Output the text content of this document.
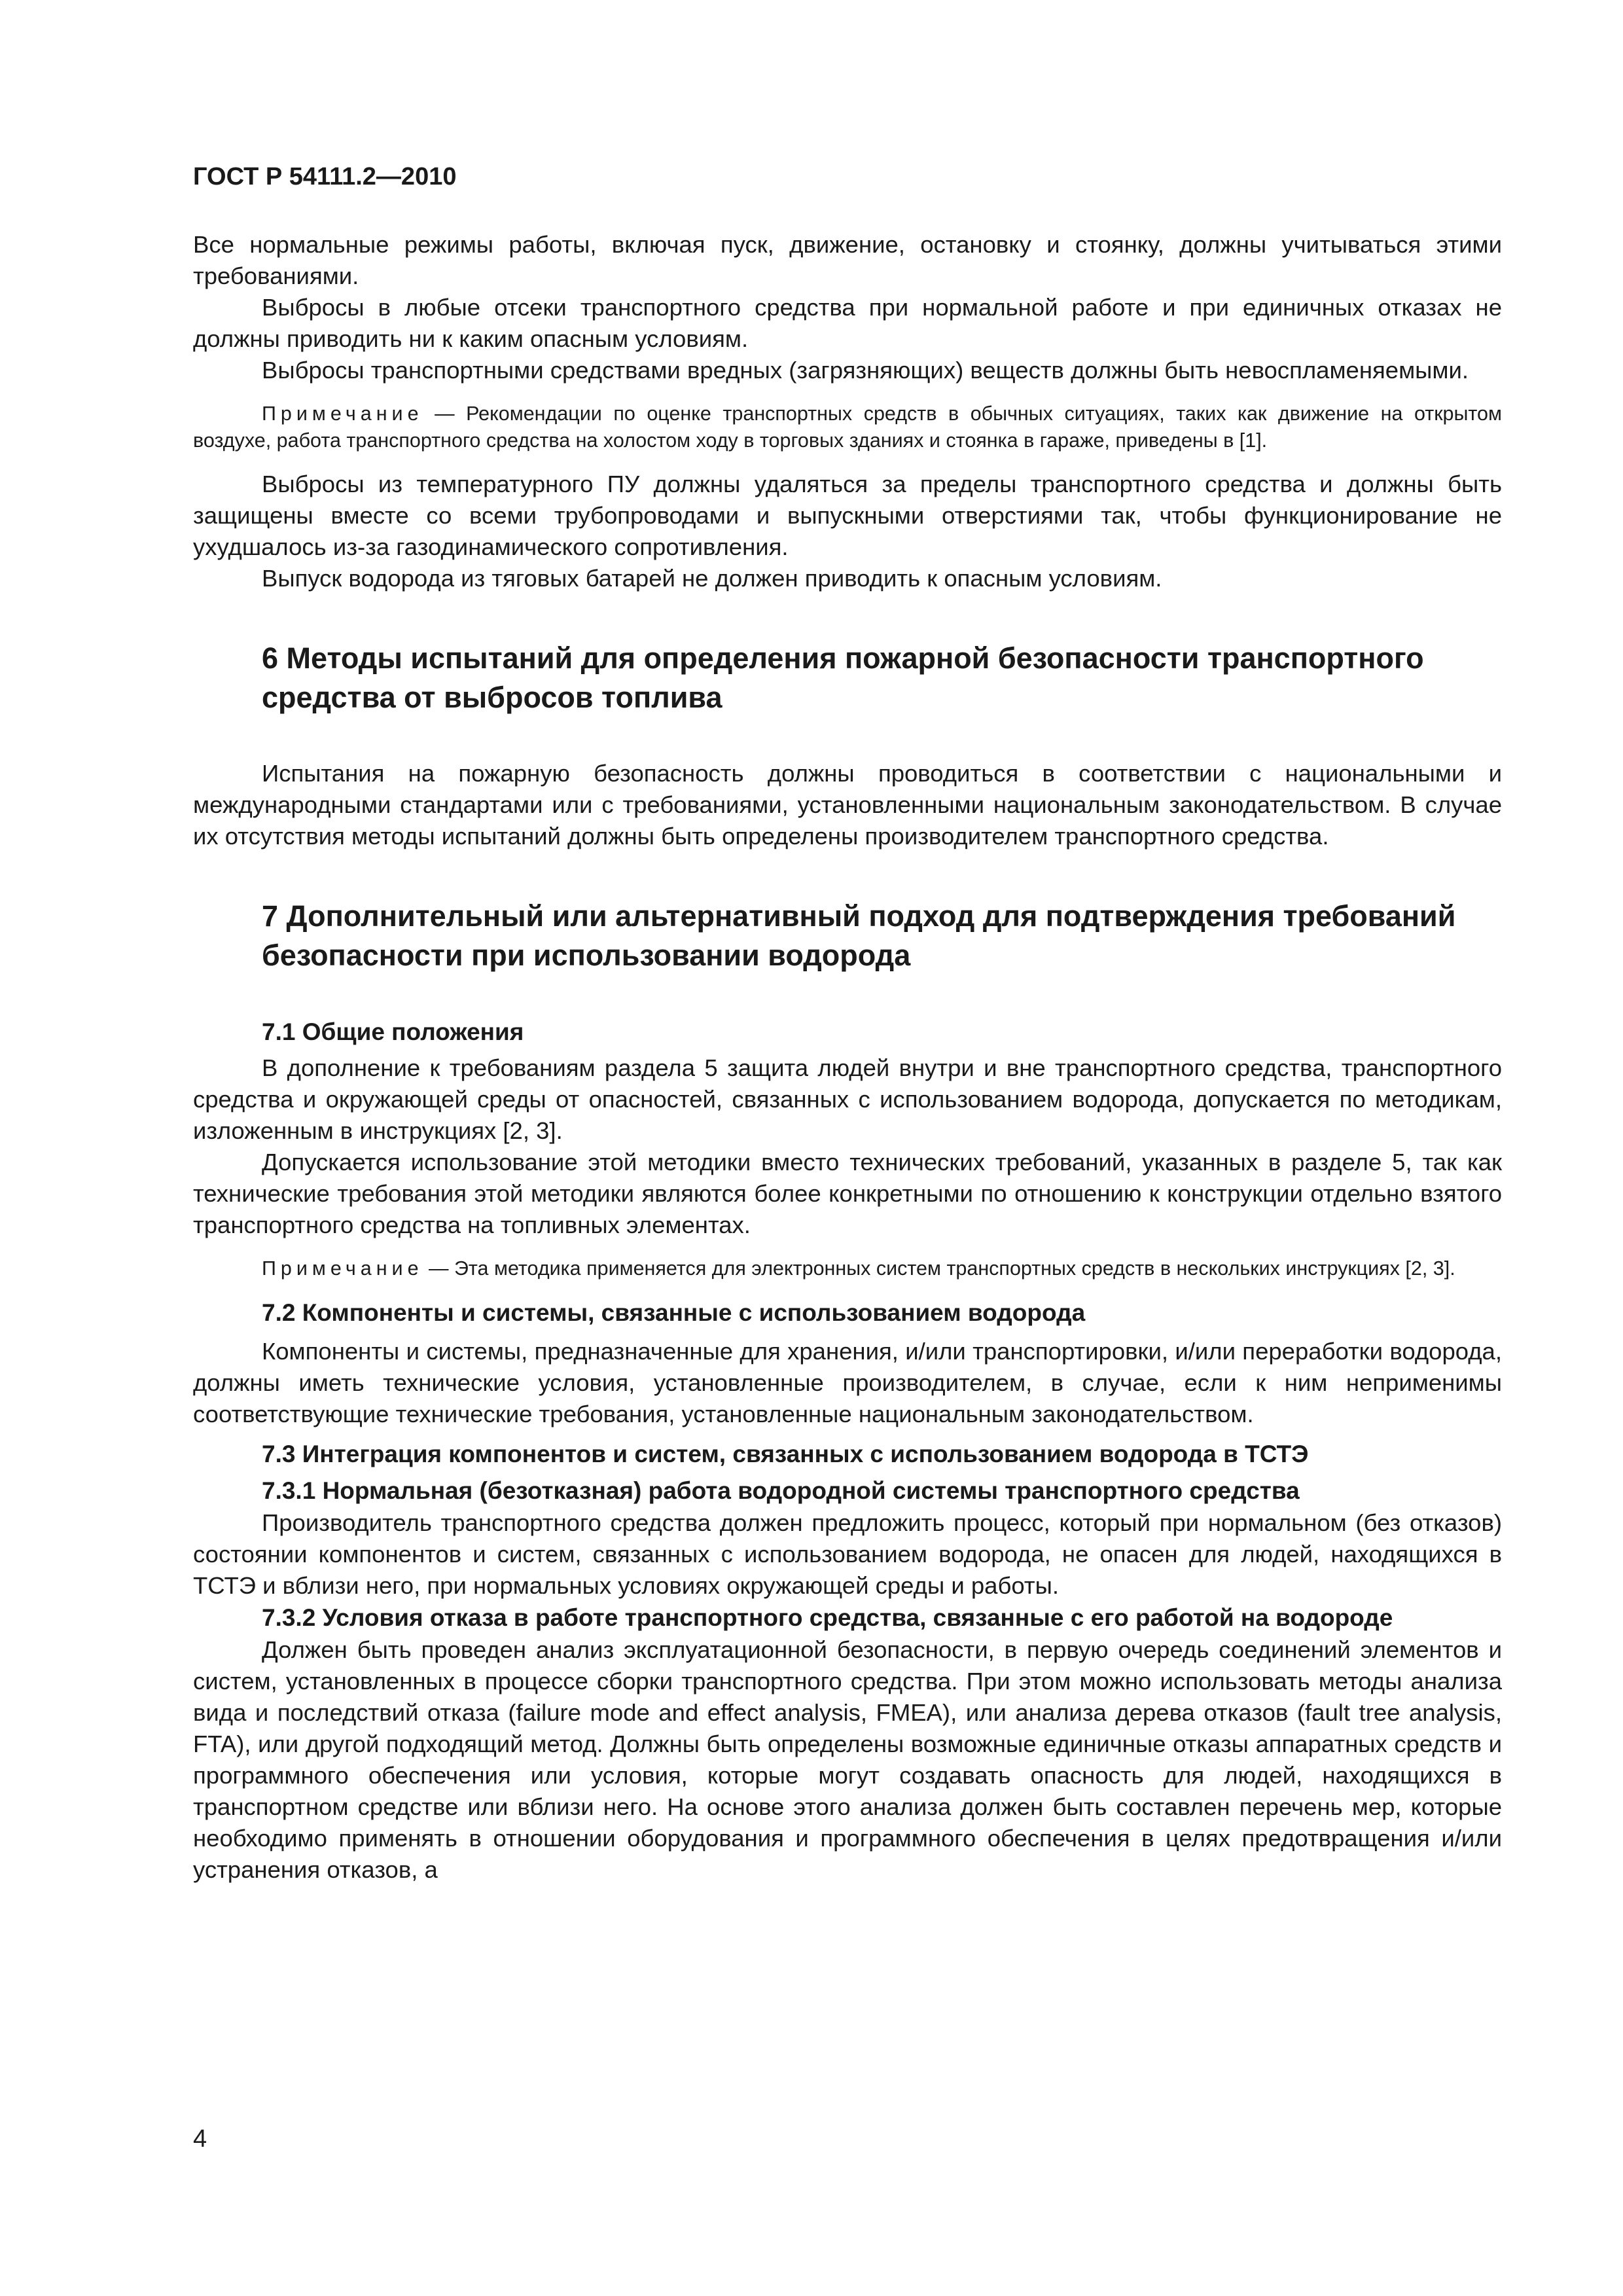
ГОСТ Р 54111.2—2010

Все нормальные режимы работы, включая пуск, движение, остановку и стоянку, должны учитываться этими требованиями.

Выбросы в любые отсеки транспортного средства при нормальной работе и при единичных отказах не должны приводить ни к каким опасным условиям.

Выбросы транспортными средствами вредных (загрязняющих) веществ должны быть невоспламеняемыми.

Примечание — Рекомендации по оценке транспортных средств в обычных ситуациях, таких как движение на открытом воздухе, работа транспортного средства на холостом ходу в торговых зданиях и стоянка в гараже, приведены в [1].

Выбросы из температурного ПУ должны удаляться за пределы транспортного средства и должны быть защищены вместе со всеми трубопроводами и выпускными отверстиями так, чтобы функционирование не ухудшалось из-за газодинамического сопротивления.

Выпуск водорода из тяговых батарей не должен приводить к опасным условиям.

6 Методы испытаний для определения пожарной безопасности транспортного средства от выбросов топлива

Испытания на пожарную безопасность должны проводиться в соответствии с национальными и международными стандартами или с требованиями, установленными национальным законодательством. В случае их отсутствия методы испытаний должны быть определены производителем транспортного средства.

7 Дополнительный или альтернативный подход для подтверждения требований безопасности при использовании водорода
7.1 Общие положения

В дополнение к требованиям раздела 5 защита людей внутри и вне транспортного средства, транспортного средства и окружающей среды от опасностей, связанных с использованием водорода, допускается по методикам, изложенным в инструкциях [2, 3].

Допускается использование этой методики вместо технических требований, указанных в разделе 5, так как технические требования этой методики являются более конкретными по отношению к конструкции отдельно взятого транспортного средства на топливных элементах.

Примечание — Эта методика применяется для электронных систем транспортных средств в нескольких инструкциях [2, 3].

7.2 Компоненты и системы, связанные с использованием водорода

Компоненты и системы, предназначенные для хранения, и/или транспортировки, и/или переработки водорода, должны иметь технические условия, установленные производителем, в случае, если к ним неприменимы соответствующие технические требования, установленные национальным законодательством.

7.3 Интеграция компонентов и систем, связанных с использованием водорода в ТСТЭ
7.3.1 Нормальная (безотказная) работа водородной системы транспортного средства

Производитель транспортного средства должен предложить процесс, который при нормальном (без отказов) состоянии компонентов и систем, связанных с использованием водорода, не опасен для людей, находящихся в ТСТЭ и вблизи него, при нормальных условиях окружающей среды и работы.

7.3.2 Условия отказа в работе транспортного средства, связанные с его работой на водороде

Должен быть проведен анализ эксплуатационной безопасности, в первую очередь соединений элементов и систем, установленных в процессе сборки транспортного средства. При этом можно использовать методы анализа вида и последствий отказа (failure mode and effect analysis, FMEA), или анализа дерева отказов (fault tree analysis, FTA), или другой подходящий метод. Должны быть определены возможные единичные отказы аппаратных средств и программного обеспечения или условия, которые могут создавать опасность для людей, находящихся в транспортном средстве или вблизи него. На основе этого анализа должен быть составлен перечень мер, которые необходимо применять в отношении оборудования и программного обеспечения в целях предотвращения и/или устранения отказов, а

4
